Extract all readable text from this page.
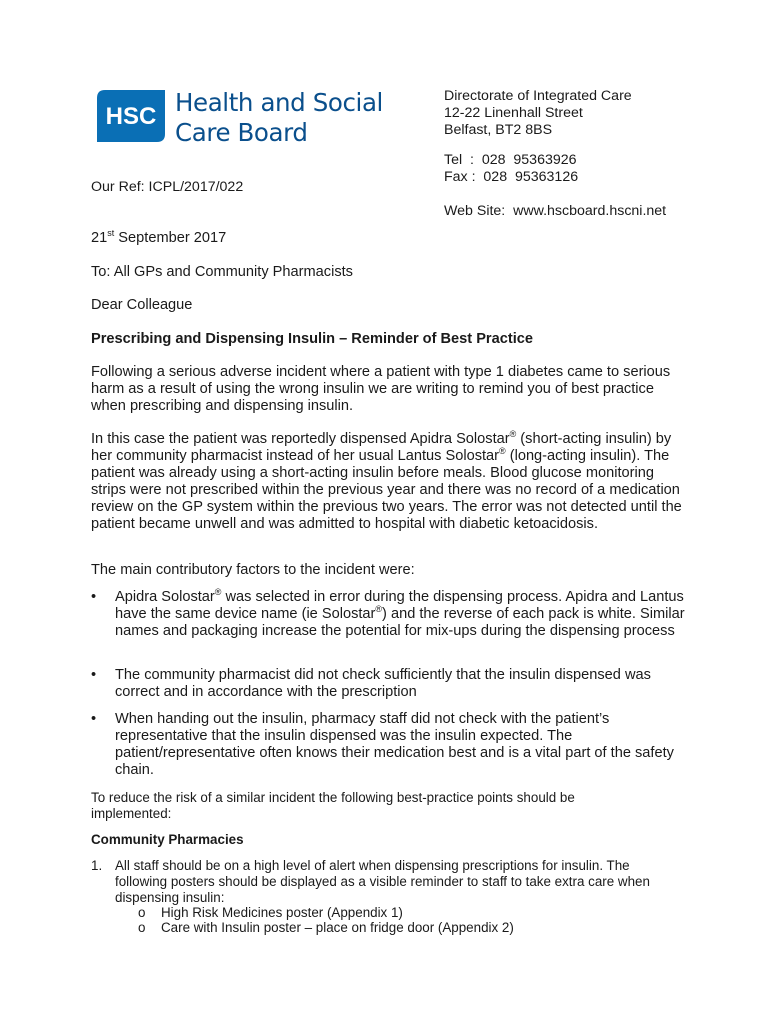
HSC Health and Social
Care Board
Directorate of Integrated Care
12-22 Linenhall Street
Belfast, BT2 8BS
Tel  :  028  95363926
Fax :  028  95363126
Web Site:  www.hscboard.hscni.net
Our Ref: ICPL/2017/022
21st September 2017
To: All GPs and Community Pharmacists
Dear Colleague
Prescribing and Dispensing Insulin – Reminder of Best Practice
Following a serious adverse incident where a patient with type 1 diabetes came to serious harm as a result of using the wrong insulin we are writing to remind you of best practice when prescribing and dispensing insulin.
In this case the patient was reportedly dispensed Apidra Solostar® (short-acting insulin) by her community pharmacist instead of her usual Lantus Solostar® (long-acting insulin). The patient was already using a short-acting insulin before meals. Blood glucose monitoring strips were not prescribed within the previous year and there was no record of a medication review on the GP system within the previous two years. The error was not detected until the patient became unwell and was admitted to hospital with diabetic ketoacidosis.
The main contributory factors to the incident were:
• Apidra Solostar® was selected in error during the dispensing process. Apidra and Lantus have the same device name (ie Solostar®) and the reverse of each pack is white. Similar names and packaging increase the potential for mix-ups during the dispensing process
• The community pharmacist did not check sufficiently that the insulin dispensed was correct and in accordance with the prescription
• When handing out the insulin, pharmacy staff did not check with the patient’s representative that the insulin dispensed was the insulin expected. The patient/representative often knows their medication best and is a vital part of the safety chain.
To reduce the risk of a similar incident the following best-practice points should be implemented:
Community Pharmacies
1. All staff should be on a high level of alert when dispensing prescriptions for insulin. The following posters should be displayed as a visible reminder to staff to take extra care when dispensing insulin:
o High Risk Medicines poster (Appendix 1)
o Care with Insulin poster – place on fridge door (Appendix 2)
